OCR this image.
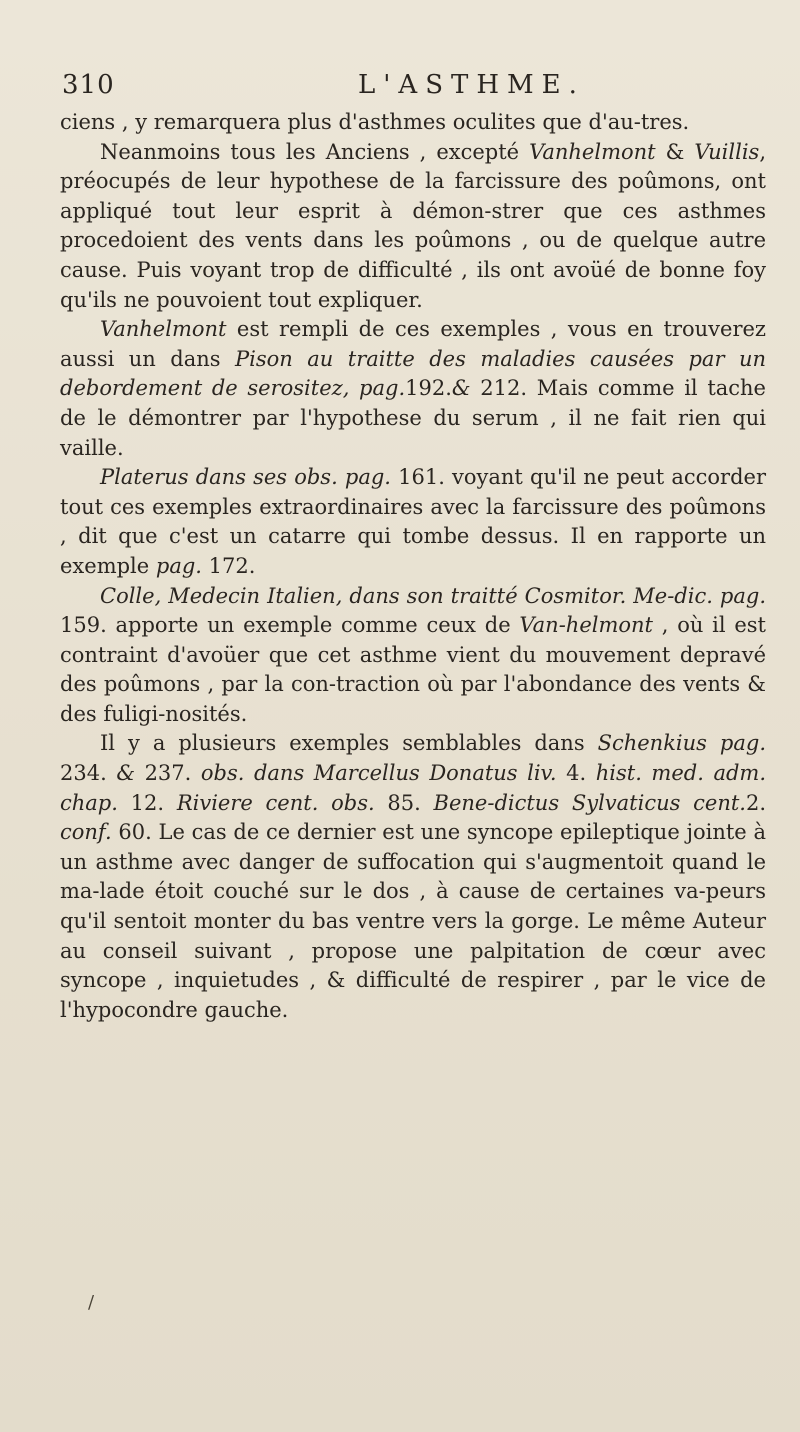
310	L'ASTHME.

ciens , y remarquera plus d'asthmes oculites que d'au-tres.

Neanmoins tous les Anciens , excepté Vanhelmont & Vuillis, préocupés de leur hypothese de la farcissure des poûmons, ont appliqué tout leur esprit à démon-strer que ces asthmes procedoient des vents dans les poûmons , ou de quelque autre cause. Puis voyant trop de difficulté , ils ont avoüé de bonne foy qu'ils ne pouvoient tout expliquer.

Vanhelmont est rempli de ces exemples , vous en trouverez aussi un dans Pison au traitte des maladies causées par un debordement de serositez, pag.192.& 212. Mais comme il tache de le démontrer par l'hypothese du serum , il ne fait rien qui vaille.

Platerus dans ses obs. pag. 161. voyant qu'il ne peut accorder tout ces exemples extraordinaires avec la farcissure des poûmons , dit que c'est un catarre qui tombe dessus. Il en rapporte un exemple pag. 172.

Colle, Medecin Italien, dans son traitté Cosmitor. Me-dic. pag. 159. apporte un exemple comme ceux de Van-helmont , où il est contraint d'avoüer que cet asthme vient du mouvement depravé des poûmons , par la con-traction où par l'abondance des vents & des fuligi-nosités.

Il y a plusieurs exemples semblables dans Schenkius pag. 234. & 237. obs. dans Marcellus Donatus liv. 4. hist. med. adm. chap. 12. Riviere cent. obs. 85. Bene-dictus Sylvaticus cent.2. conf. 60. Le cas de ce dernier est une syncope epileptique jointe à un asthme avec danger de suffocation qui s'augmentoit quand le ma-lade étoit couché sur le dos , à cause de certaines va-peurs qu'il sentoit monter du bas ventre vers la gorge. Le même Auteur au conseil suivant , propose une palpitation de cœur avec syncope , inquietudes , & difficulté de respirer , par le vice de l'hypocondre gauche.

/
